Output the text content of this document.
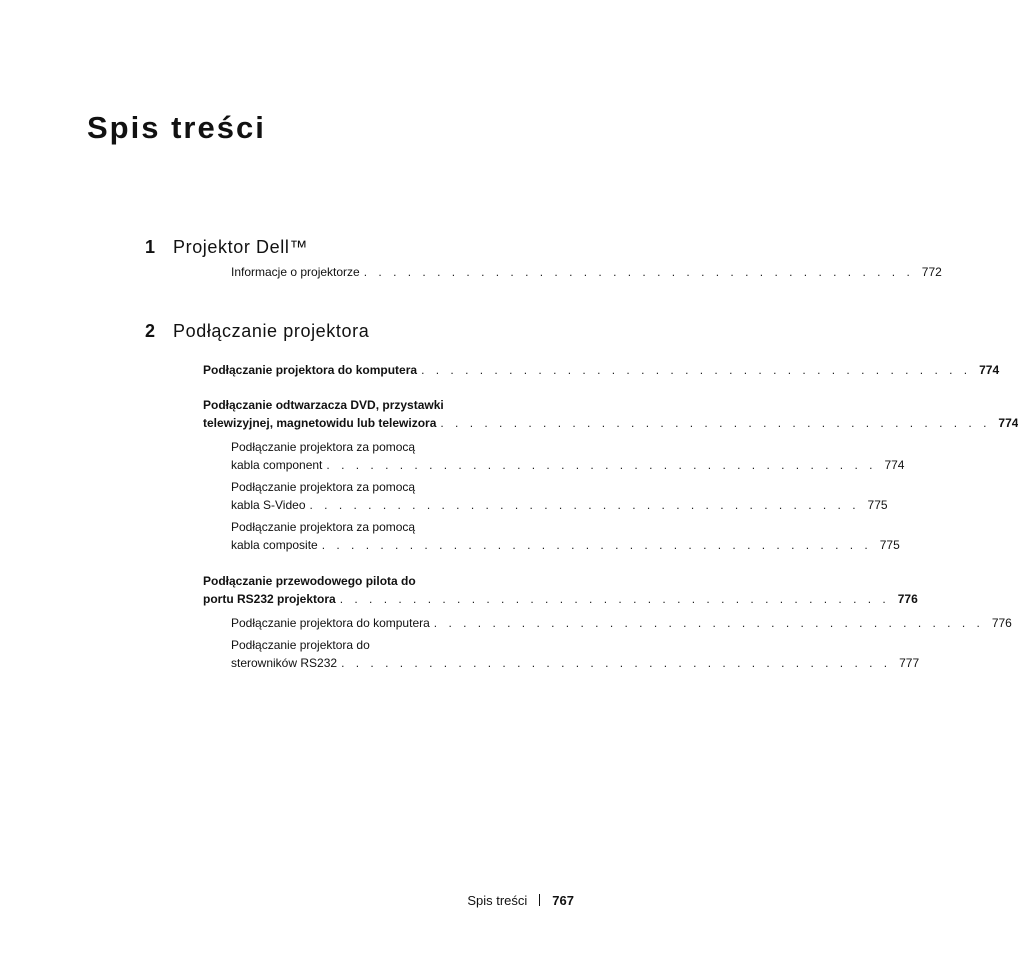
Spis treści
1 Projektor Dell™
Informacje o projektorze . . . . . . . . . . . . . . . . . . . . . . . . . . . . . . . . . . . . . . 772
2 Podłączanie projektora
Podłączanie projektora do komputera . . . . . . . . . . . . . . . . . . . . . . . . . . . . . . . . . . . . . . 774
Podłączanie odtwarzacza DVD, przystawki
telewizyjnej, magnetowidu lub telewizora . . . . . . . . . . . . . . . . . . . . . . . . . . . . . . . . . . . . . . 774
Podłączanie projektora za pomocą
kabla component . . . . . . . . . . . . . . . . . . . . . . . . . . . . . . . . . . . . . . 774
Podłączanie projektora za pomocą
kabla S-Video . . . . . . . . . . . . . . . . . . . . . . . . . . . . . . . . . . . . . . 775
Podłączanie projektora za pomocą
kabla composite . . . . . . . . . . . . . . . . . . . . . . . . . . . . . . . . . . . . . . 775
Podłączanie przewodowego pilota do
portu RS232 projektora . . . . . . . . . . . . . . . . . . . . . . . . . . . . . . . . . . . . . . 776
Podłączanie projektora do komputera . . . . . . . . . . . . . . . . . . . . . . . . . . . . . . . . . . . . . . 776
Podłączanie projektora do
sterowników RS232 . . . . . . . . . . . . . . . . . . . . . . . . . . . . . . . . . . . . . . 777
Spis treści 767
